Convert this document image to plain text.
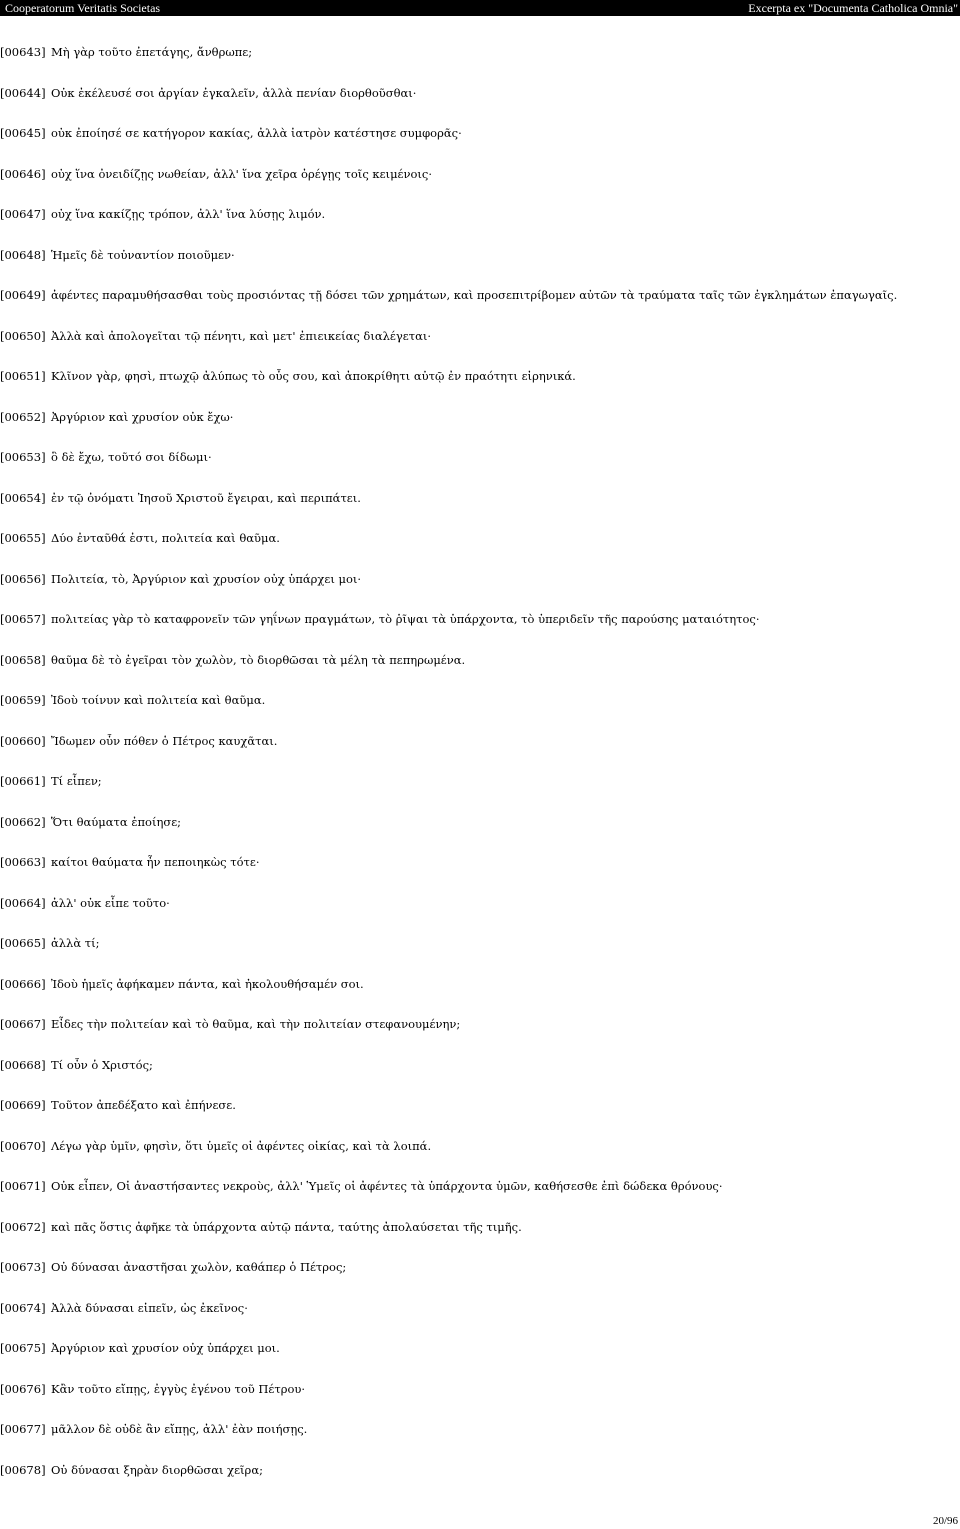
Cooperatorum Veritatis Societas	Excerpta ex "Documenta Catholica Omnia"
[00643] Μὴ γὰρ τοῦτο ἐπετάγης, ἄνθρωπε;
[00644] Οὐκ ἐκέλευσέ σοι ἀργίαν ἐγκαλεῖν, ἀλλὰ πενίαν διορθοῦσθαι·
[00645] οὐκ ἐποίησέ σε κατήγορον κακίας, ἀλλὰ ἰατρὸν κατέστησε συμφορᾶς·
[00646] οὐχ ἵνα ὀνειδίζῃς νωθείαν, ἀλλ' ἵνα χεῖρα ὀρέγῃς τοῖς κειμένοις·
[00647] οὐχ ἵνα κακίζῃς τρόπον, ἀλλ' ἵνα λύσῃς λιμόν.
[00648] Ἡμεῖς δὲ τοὐναντίον ποιοῦμεν·
[00649] ἀφέντες παραμυθήσασθαι τοὺς προσιόντας τῇ δόσει τῶν χρημάτων, καὶ προσεπιτρίβομεν αὐτῶν τὰ τραύματα ταῖς τῶν ἐγκλημάτων ἐπαγωγαῖς.
[00650] Ἀλλὰ καὶ ἀπολογεῖται τῷ πένητι, καὶ μετ' ἐπιεικείας διαλέγεται·
[00651] Κλῖνον γὰρ, φησὶ, πτωχῷ ἀλύπως τὸ οὖς σου, καὶ ἀποκρίθητι αὐτῷ ἐν πραότητι εἰρηνικά.
[00652] Ἀργύριον καὶ χρυσίον οὐκ ἔχω·
[00653] ὃ δὲ ἔχω, τοῦτό σοι δίδωμι·
[00654] ἐν τῷ ὀνόματι Ἰησοῦ Χριστοῦ ἔγειραι, καὶ περιπάτει.
[00655] Δύο ἐνταῦθά ἐστι, πολιτεία καὶ θαῦμα.
[00656] Πολιτεία, τὸ, Ἀργύριον καὶ χρυσίον οὐχ ὑπάρχει μοι·
[00657] πολιτείας γὰρ τὸ καταφρονεῖν τῶν γηΐνων πραγμάτων, τὸ ῥῖψαι τὰ ὑπάρχοντα, τὸ ὑπεριδεῖν τῆς παρούσης ματαιότητος·
[00658] θαῦμα δὲ τὸ ἐγεῖραι τὸν χωλὸν, τὸ διορθῶσαι τὰ μέλη τὰ πεπηρωμένα.
[00659] Ἰδοὺ τοίνυν καὶ πολιτεία καὶ θαῦμα.
[00660] Ἴδωμεν οὖν πόθεν ὁ Πέτρος καυχᾶται.
[00661] Τί εἶπεν;
[00662] Ὅτι θαύματα ἐποίησε;
[00663] καίτοι θαύματα ἦν πεποιηκὼς τότε·
[00664] ἀλλ' οὐκ εἶπε τοῦτο·
[00665] ἀλλὰ τί;
[00666] Ἰδοὺ ἡμεῖς ἀφήκαμεν πάντα, καὶ ἠκολουθήσαμέν σοι.
[00667] Εἶδες τὴν πολιτείαν καὶ τὸ θαῦμα, καὶ τὴν πολιτείαν στεφανουμένην;
[00668] Τί οὖν ὁ Χριστός;
[00669] Τοῦτον ἀπεδέξατο καὶ ἐπήνεσε.
[00670] Λέγω γὰρ ὑμῖν, φησὶν, ὅτι ὑμεῖς οἱ ἀφέντες οἰκίας, καὶ τὰ λοιπά.
[00671] Οὐκ εἶπεν, Οἱ ἀναστήσαντες νεκροὺς, ἀλλ' Ὑμεῖς οἱ ἀφέντες τὰ ὑπάρχοντα ὑμῶν, καθήσεσθε ἐπὶ δώδεκα θρόνους·
[00672] καὶ πᾶς ὅστις ἀφῆκε τὰ ὑπάρχοντα αὐτῷ πάντα, ταύτης ἀπολαύσεται τῆς τιμῆς.
[00673] Οὐ δύνασαι ἀναστῆσαι χωλὸν, καθάπερ ὁ Πέτρος;
[00674] Ἀλλὰ δύνασαι εἰπεῖν, ὡς ἐκεῖνος·
[00675] Ἀργύριον καὶ χρυσίον οὐχ ὑπάρχει μοι.
[00676] Κἂν τοῦτο εἴπῃς, ἐγγὺς ἐγένου τοῦ Πέτρου·
[00677] μᾶλλον δὲ οὐδὲ ἂν εἴπῃς, ἀλλ' ἐὰν ποιήσῃς.
[00678] Οὐ δύνασαι ξηρὰν διορθῶσαι χεῖρα;
20/96
